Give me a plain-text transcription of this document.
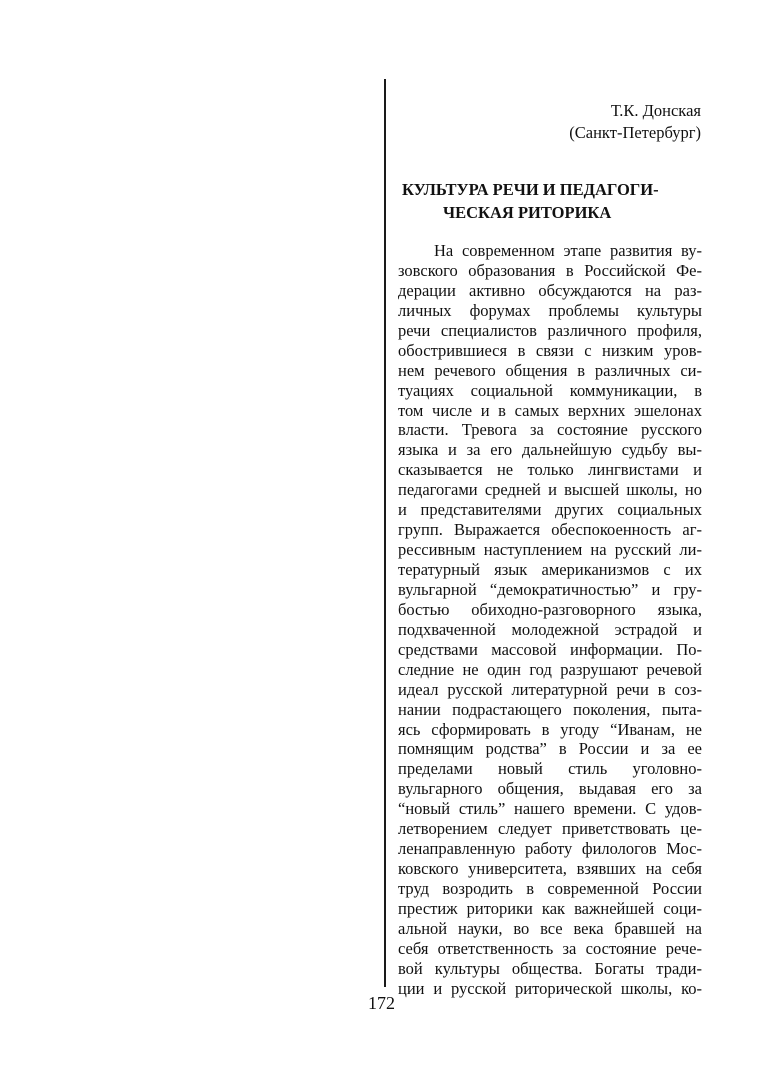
Т.К. Донская
(Санкт-Петербург)
КУЛЬТУРА РЕЧИ И ПЕДАГОГИ-
ЧЕСКАЯ РИТОРИКА
На современном этапе развития ву-
зовского образования в Российской Фе-
дерации активно обсуждаются на раз-
личных форумах проблемы культуры
речи специалистов различного профиля,
обострившиеся в связи с низким уров-
нем речевого общения в различных си-
туациях социальной коммуникации, в
том числе и в самых верхних эшелонах
власти. Тревога за состояние русского
языка и за его дальнейшую судьбу вы-
сказывается не только лингвистами и
педагогами средней и высшей школы, но
и представителями других социальных
групп. Выражается обеспокоенность аг-
рессивным наступлением на русский ли-
тературный язык американизмов с их
вульгарной “демократичностью” и гру-
бостью обиходно-разговорного языка,
подхваченной молодежной эстрадой и
средствами массовой информации. По-
следние не один год разрушают речевой
идеал русской литературной речи в соз-
нании подрастающего поколения, пыта-
ясь сформировать в угоду “Иванам, не
помнящим родства” в России и за ее
пределами новый стиль уголовно-
вульгарного общения, выдавая его за
“новый стиль” нашего времени. С удов-
летворением следует приветствовать це-
ленаправленную работу филологов Мос-
ковского университета, взявших на себя
труд возродить в современной России
престиж риторики как важнейшей соци-
альной науки, во все века бравшей на
себя ответственность за состояние рече-
вой культуры общества. Богаты тради-
ции и русской риторической школы, ко-
172
